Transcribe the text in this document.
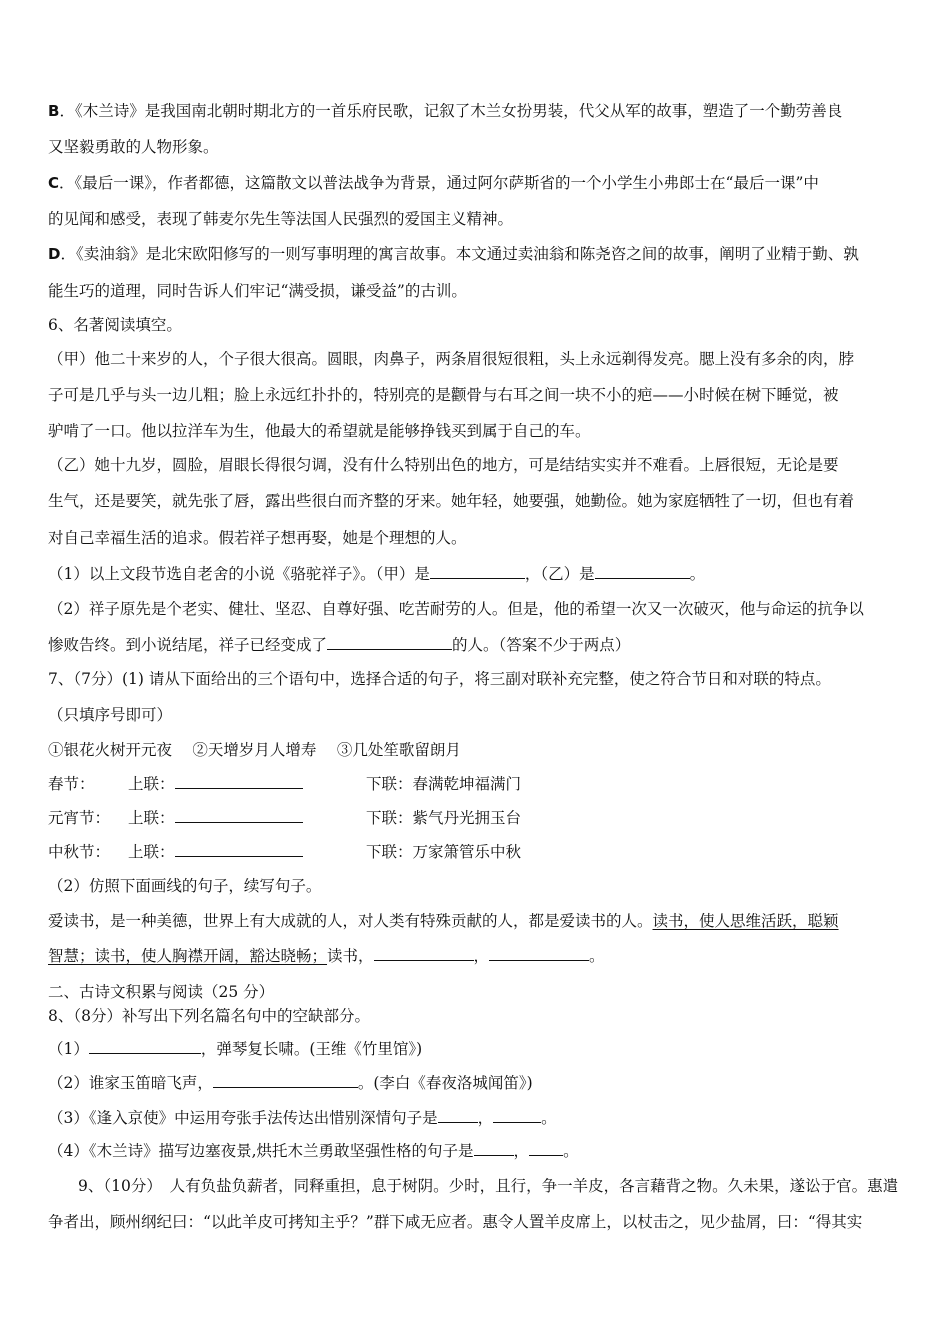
B．《木兰诗》是我国南北朝时期北方的一首乐府民歌，记叙了木兰女扮男装，代父从军的故事，塑造了一个勤劳善良
又坚毅勇敢的人物形象。
C．《最后一课》，作者都德，这篇散文以普法战争为背景，通过阿尔萨斯省的一个小学生小弗郎士在“最后一课”中
的见闻和感受，表现了韩麦尔先生等法国人民强烈的爱国主义精神。
D．《卖油翁》是北宋欧阳修写的一则写事明理的寓言故事。本文通过卖油翁和陈尧咨之间的故事，阐明了业精于勤、孰
能生巧的道理，同时告诉人们牢记“满受损，谦受益”的古训。
6、名著阅读填空。
（甲）他二十来岁的人，个子很大很高。圆眼，肉鼻子，两条眉很短很粗，头上永远剃得发亮。腮上没有多余的肉，脖
子可是几乎与头一边儿粗；脸上永远红扑扑的，特别亮的是颧骨与右耳之间一块不小的疤——小时候在树下睡觉，被
驴啃了一口。他以拉洋车为生，他最大的希望就是能够挣钱买到属于自己的车。
（乙）她十九岁，圆脸，眉眼长得很匀调，没有什么特别出色的地方，可是结结实实并不难看。上唇很短，无论是要
生气，还是要笑，就先张了唇，露出些很白而齐整的牙来。她年轻，她要强，她勤俭。她为家庭牺牲了一切，但也有着
对自己幸福生活的追求。假若祥子想再娶，她是个理想的人。
（1）以上文段节选自老舍的小说《骆驼祥子》。（甲）是	，（乙）是	。
（2）祥子原先是个老实、健壮、坚忍、自尊好强、吃苦耐劳的人。但是，他的希望一次又一次破灭，他与命运的抗争以
惨败告终。到小说结尾，祥子已经变成了	的人。（答案不少于两点）
7、（7分）(1) 请从下面给出的三个语句中，选择合适的句子，将三副对联补充完整，使之符合节日和对联的特点。
（只填序号即可）
①银花火树开元夜　 ②天增岁月人增寿　 ③几处笙歌留朗月
春节： 上联：	下联：春满乾坤福满门
元宵节： 上联：	下联：紫气丹光拥玉台
中秋节： 上联：	下联：万家箫管乐中秋
（2）仿照下面画线的句子，续写句子。
爱读书，是一种美德，世界上有大成就的人，对人类有特殊贡献的人，都是爱读书的人。读书，使人思维活跃，聪颖
智慧；读书，使人胸襟开阔，豁达晓畅；读书，	，	。
二、古诗文积累与阅读（25 分）
8、（8分）补写出下列名篇名句中的空缺部分。
（1）	，弹琴复长啸。(王维《竹里馆》)
（2）谁家玉笛暗飞声，	。(李白《春夜洛城闻笛》)
（3）《逢入京使》中运用夸张手法传达出惜别深情句子是	，	。
（4）《木兰诗》描写边塞夜景,烘托木兰勇敢坚强性格的句子是	， 。
9、（10分）　人有负盐负薪者，同释重担，息于树阴。少时，且行，争一羊皮，各言藉背之物。久未果，遂讼于官。惠遣
争者出，顾州纲纪曰：“以此羊皮可拷知主乎？”群下咸无应者。惠令人置羊皮席上，以杖击之，见少盐屑，曰：“得其实
